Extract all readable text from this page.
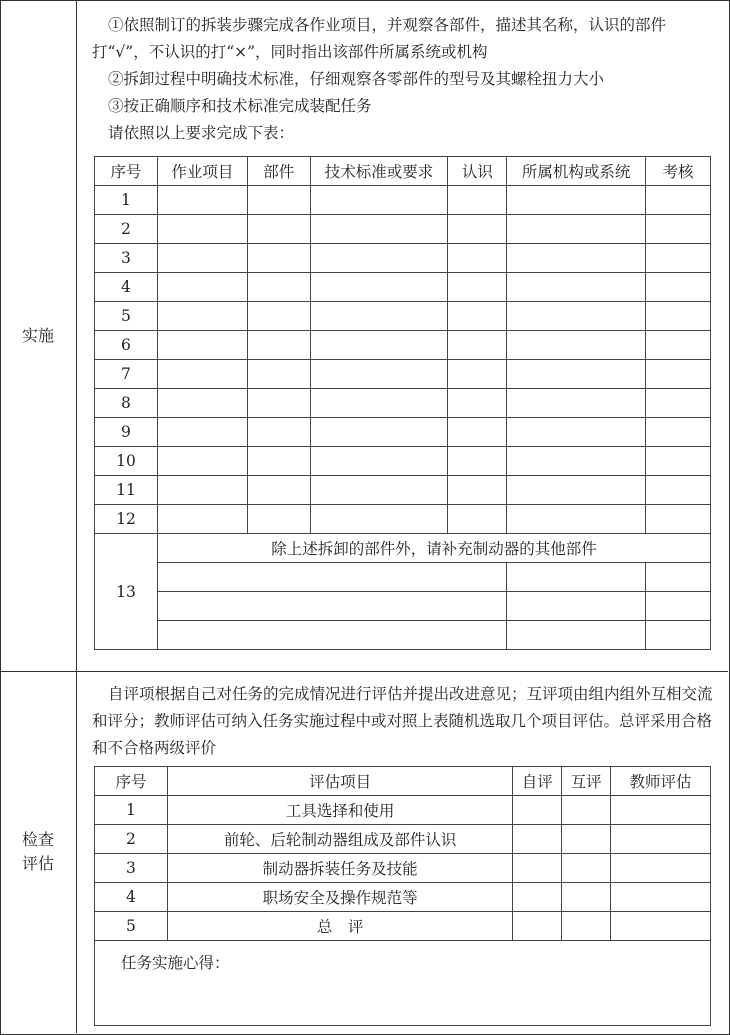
实施
检查
评估

①依照制订的拆装步骤完成各作业项目，并观察各部件，描述其名称，认识的部件打“√”，不认识的打“×”，同时指出该部件所属系统或机构

②拆卸过程中明确技术标准，仔细观察各零部件的型号及其螺栓扭力大小

③按正确顺序和技术标准完成装配任务

请依照以上要求完成下表：

序号	作业项目	部件	技术标准或要求	认识	所属机构或系统	考核
1						
2						
3						
4						
5						
6						
7						
8						
9						
10						
11						
12						
13	除上述拆卸的部件外，请补充制动器的其他部件					

自评项根据自己对任务的完成情况进行评估并提出改进意见；互评项由组内组外互相交流和评分；教师评估可纳入任务实施过程中或对照上表随机选取几个项目评估。总评采用合格和不合格两级评价

序号	评估项目	自评	互评	教师评估
1	工具选择和使用			
2	前轮、后轮制动器组成及部件认识			
3	制动器拆装任务及技能			
4	职场安全及操作规范等			
5	总　评			
任务实施心得：				
